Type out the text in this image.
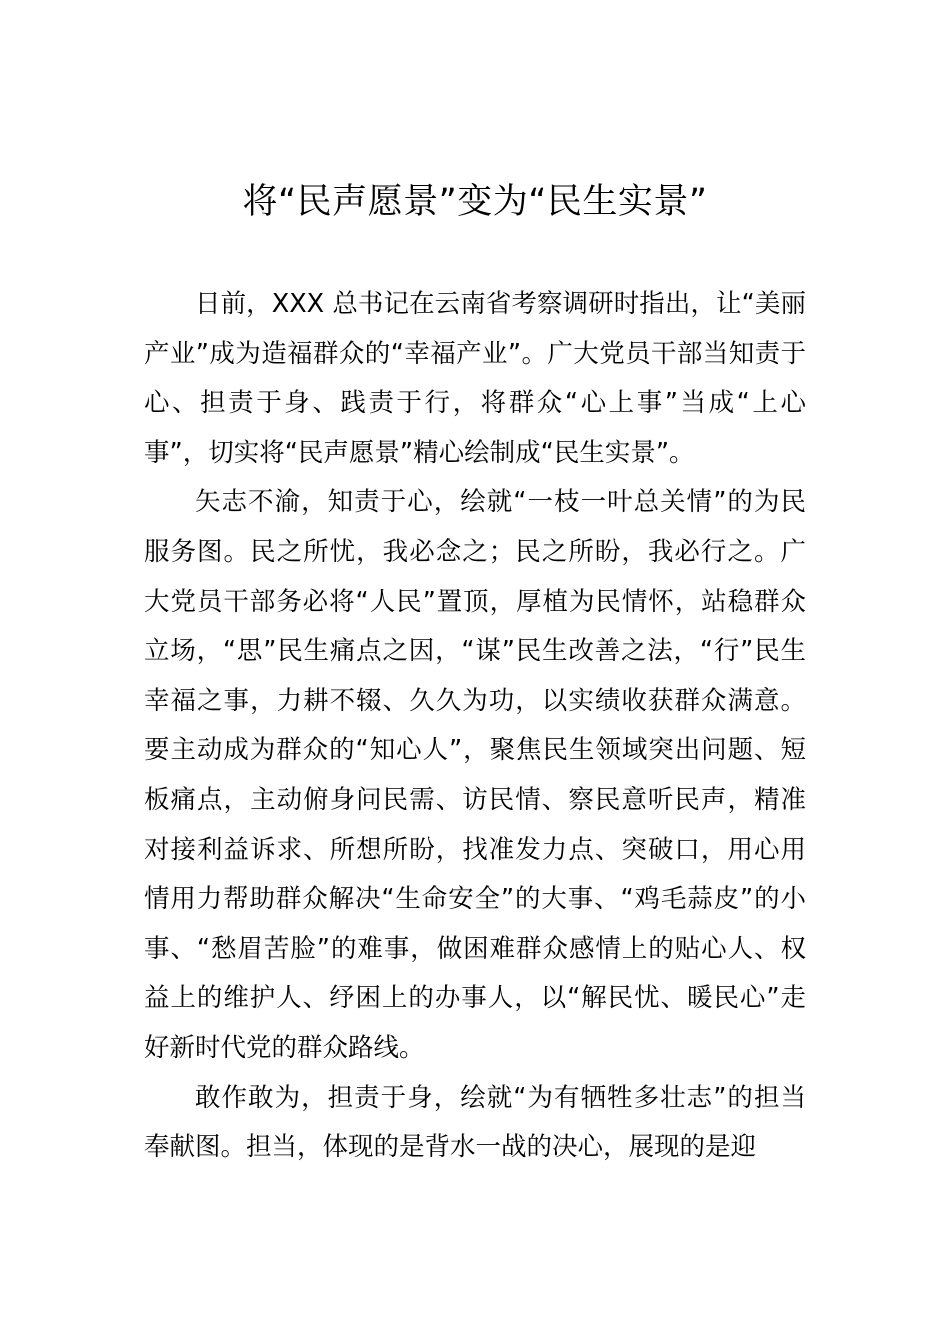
将“民声愿景”变为“民生实景”

日前，XXX 总书记在云南省考察调研时指出，让“美丽产业”成为造福群众的“幸福产业”。广大党员干部当知责于心、担责于身、践责于行，将群众“心上事”当成“上心事”，切实将“民声愿景”精心绘制成“民生实景”。

矢志不渝，知责于心，绘就“一枝一叶总关情”的为民服务图。民之所忧，我必念之；民之所盼，我必行之。广大党员干部务必将“人民”置顶，厚植为民情怀，站稳群众立场，“思”民生痛点之因，“谋”民生改善之法，“行”民生幸福之事，力耕不辍、久久为功，以实绩收获群众满意。要主动成为群众的“知心人”，聚焦民生领域突出问题、短板痛点，主动俯身问民需、访民情、察民意听民声，精准对接利益诉求、所想所盼，找准发力点、突破口，用心用情用力帮助群众解决“生命安全”的大事、“鸡毛蒜皮”的小事、“愁眉苦脸”的难事，做困难群众感情上的贴心人、权益上的维护人、纾困上的办事人，以“解民忧、暖民心”走好新时代党的群众路线。

敢作敢为，担责于身，绘就“为有牺牲多壮志”的担当奉献图。担当，体现的是背水一战的决心，展现的是迎
